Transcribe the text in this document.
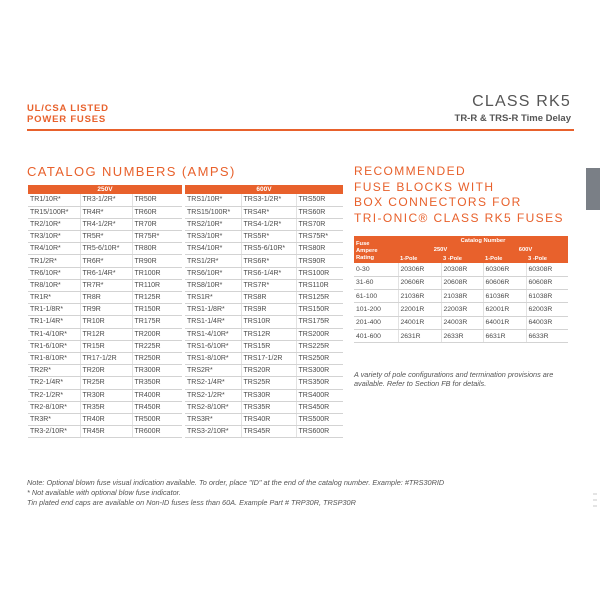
UL/CSA LISTED
POWER FUSES
CLASS RK5
TR-R & TRS-R Time Delay
CATALOG NUMBERS (AMPS)
250V				600V		
TR1/10R*	TR3-1/2R*	TR50R		TRS1/10R*	TRS3-1/2R*	TRS50R
TR15/100R*	TR4R*	TR60R		TRS15/100R*	TRS4R*	TRS60R
TR2/10R*	TR4-1/2R*	TR70R		TRS2/10R*	TRS4-1/2R*	TRS70R
TR3/10R*	TR5R*	TR75R*		TRS3/10R*	TRS5R*	TRS75R*
TR4/10R*	TR5-6/10R*	TR80R		TRS4/10R*	TRS5-6/10R*	TRS80R
TR1/2R*	TR6R*	TR90R		TRS1/2R*	TRS6R*	TRS90R
TR6/10R*	TR6-1/4R*	TR100R		TRS6/10R*	TRS6-1/4R*	TRS100R
TR8/10R*	TR7R*	TR110R		TRS8/10R*	TRS7R*	TRS110R
TR1R*	TR8R	TR125R		TRS1R*	TRS8R	TRS125R
TR1-1/8R*	TR9R	TR150R		TRS1-1/8R*	TRS9R	TRS150R
TR1-1/4R*	TR10R	TR175R		TRS1-1/4R*	TRS10R	TRS175R
TR1-4/10R*	TR12R	TR200R		TRS1-4/10R*	TRS12R	TRS200R
TR1-6/10R*	TR15R	TR225R		TRS1-6/10R*	TRS15R	TRS225R
TR1-8/10R*	TR17-1/2R	TR250R		TRS1-8/10R*	TRS17-1/2R	TRS250R
TR2R*	TR20R	TR300R		TRS2R*	TRS20R	TRS300R
TR2-1/4R*	TR25R	TR350R		TRS2-1/4R*	TRS25R	TRS350R
TR2-1/2R*	TR30R	TR400R		TRS2-1/2R*	TRS30R	TRS400R
TR2-8/10R*	TR35R	TR450R		TRS2-8/10R*	TRS35R	TRS450R
TR3R*	TR40R	TR500R		TRS3R*	TRS40R	TRS500R
TR3-2/10R*	TR45R	TR600R		TRS3-2/10R*	TRS45R	TRS600R
RECOMMENDED
FUSE BLOCKS WITH
BOX CONNECTORS FOR
TRI-ONIC® CLASS RK5 FUSES
Fuse
Ampere
Rating	Catalog Number			
	250V		600V	
	1-Pole	3 -Pole	1-Pole	3 -Pole
0-30	20306R	20308R	60306R	60308R
31-60	20606R	20608R	60606R	60608R
61-100	21036R	21038R	61036R	61038R
101-200	22001R	22003R	62001R	62003R
201-400	24001R	24003R	64001R	64003R
401-600	2631R	2633R	6631R	6633R
A variety of pole configurations and termination provisions are available. Refer to Section FB for details.
Note: Optional blown fuse visual indication available. To order, place "ID" at the end of the catalog number. Example: #TRS30RID
* Not available with optional blow fuse indicator.
Tin plated end caps are available on Non-ID fuses less than 60A. Example Part # TRP30R, TRSP30R
